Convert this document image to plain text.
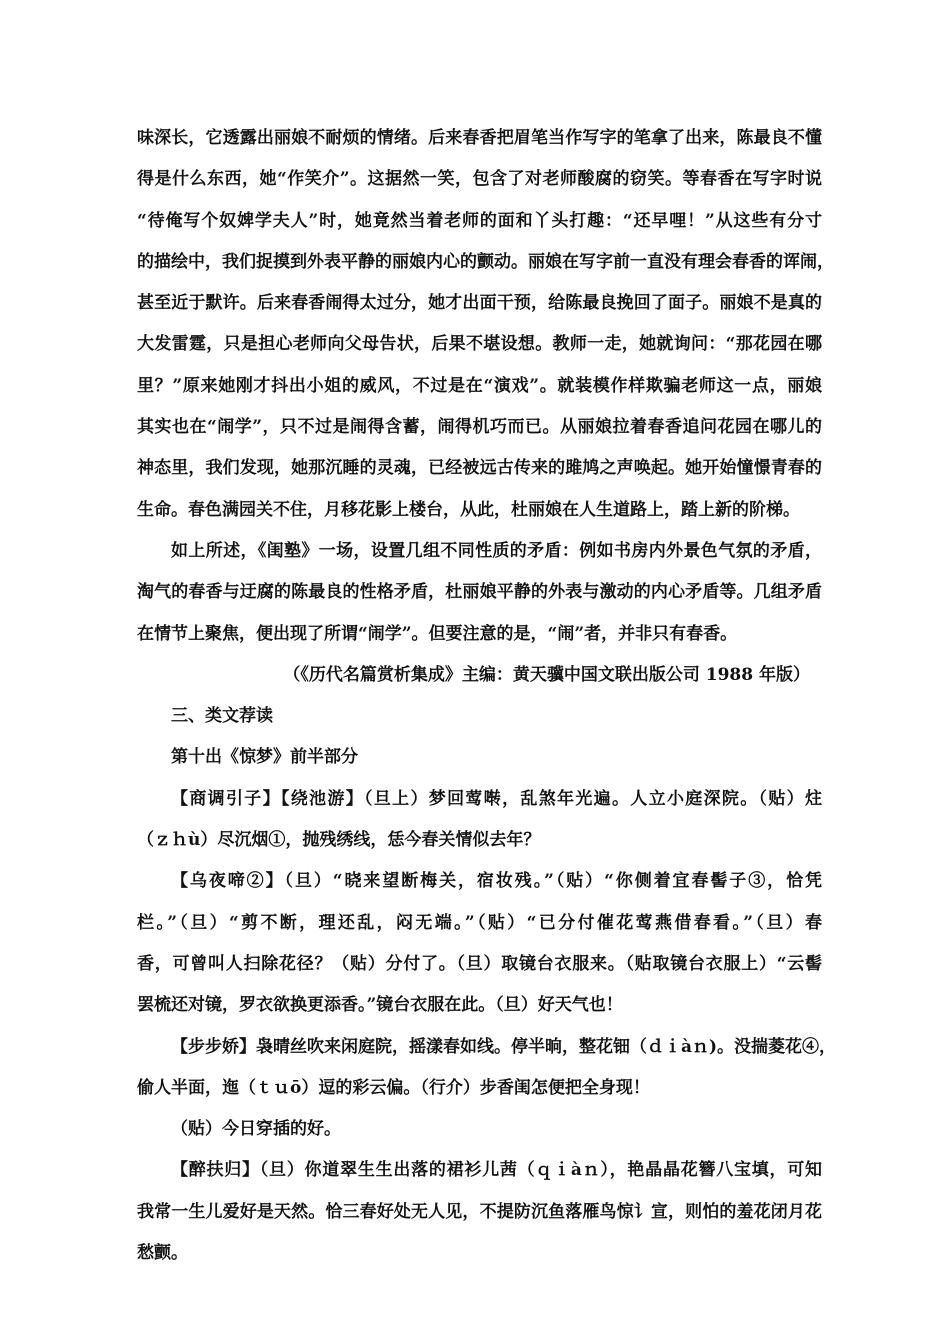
味深长，它透露出丽娘不耐烦的情绪。后来春香把眉笔当作写字的笔拿了出来，陈最良不懂
得是什么东西，她“作笑介”。这据然一笑，包含了对老师酸腐的窃笑。等春香在写字时说
“待俺写个奴婢学夫人”时，她竟然当着老师的面和丫头打趣：“还早哩！”从这些有分寸
的描绘中，我们捉摸到外表平静的丽娘内心的颤动。丽娘在写字前一直没有理会春香的诨闹，
甚至近于默许。后来春香闹得太过分，她才出面干预，给陈最良挽回了面子。丽娘不是真的
大发雷霆，只是担心老师向父母告状，后果不堪设想。教师一走，她就询问：“那花园在哪
里？”原来她刚才抖出小姐的威风，不过是在“演戏”。就装模作样欺骗老师这一点，丽娘
其实也在“闹学”，只不过是闹得含蓄，闹得机巧而已。从丽娘拉着春香追问花园在哪儿的
神态里，我们发现，她那沉睡的灵魂，已经被远古传来的雎鸠之声唤起。她开始憧憬青春的
生命。春色满园关不住，月移花影上楼台，从此，杜丽娘在人生道路上，踏上新的阶梯。
如上所述，《闺塾》一场，设置几组不同性质的矛盾：例如书房内外景色气氛的矛盾，
淘气的春香与迂腐的陈最良的性格矛盾，杜丽娘平静的外表与激动的内心矛盾等。几组矛盾
在情节上聚焦，便出现了所谓“闹学”。但要注意的是，“闹”者，并非只有春香。
（《历代名篇赏析集成》主编：黄天骥中国文联出版公司 1988 年版）
三、类文荐读
第十出《惊梦》前半部分
【商调引子】【绕池游】（旦上）梦回莺啭，乱煞年光遍。人立小庭深院。（贴）炷
（ｚｈù）尽沉烟①，抛残绣线，恁今春关情似去年？
【乌夜啼②】（旦）“晓来望断梅关，宿妆残。”（贴）“你侧着宜春髻子③，恰凭
栏。”（旦）“剪不断，理还乱，闷无端。”（贴）“已分付催花莺燕借春看。”（旦）春
香，可曾叫人扫除花径？（贴）分付了。（旦）取镜台衣服来。（贴取镜台衣服上）“云髻
罢梳还对镜，罗衣欲换更添香。”镜台衣服在此。（旦）好天气也！
【步步娇】袅晴丝吹来闲庭院，摇漾春如线。停半晌，整花钿（ｄｉàｎ)。没揣菱花④，
偷人半面，迤（ｔｕō）逗的彩云偏。（行介）步香闺怎便把全身现！
（贴）今日穿插的好。
【醉扶归】（旦）你道翠生生出落的裙衫儿茜（ｑｉàｎ），艳晶晶花簪八宝填，可知
我常一生儿爱好是天然。恰三春好处无人见，不提防沉鱼落雁鸟惊讠宣，则怕的羞花闭月花
愁颤。
